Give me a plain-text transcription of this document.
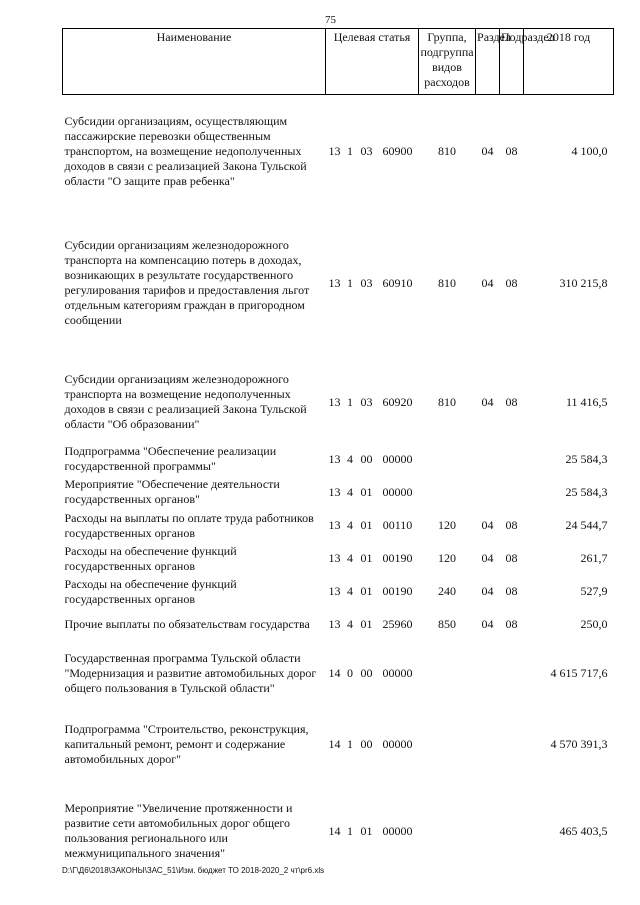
75
Наименование	Целевая статья				Группа, подгруппа видов расходов	Раздел	Подраздел	2018 год

Субсидии организациям, осуществляющим пассажирские перевозки общественным транспортом, на возмещение недополученных доходов в связи с реализацией Закона Тульской области "О защите прав ребенка"	13	1	03	60900	810	04	08	4 100,0

Субсидии организациям железнодорожного транспорта на компенсацию потерь в доходах, возникающих в результате государственного регулирования тарифов и предоставления льгот отдельным категориям граждан в пригородном сообщении	13	1	03	60910	810	04	08	310 215,8

Субсидии организациям железнодорожного транспорта на возмещение недополученных доходов в связи с реализацией Закона Тульской области "Об образовании"	13	1	03	60920	810	04	08	11 416,5

Подпрограмма "Обеспечение реализации государственной программы"	13	4	00	00000				25 584,3
Мероприятие "Обеспечение деятельности государственных органов"	13	4	01	00000				25 584,3
Расходы на выплаты по оплате труда работников государственных органов	13	4	01	00110	120	04	08	24 544,7
Расходы на обеспечение функций государственных органов	13	4	01	00190	120	04	08	261,7
Расходы на обеспечение функций государственных органов	13	4	01	00190	240	04	08	527,9
Прочие выплаты по обязательствам государства	13	4	01	25960	850	04	08	250,0
Государственная программа Тульской области "Модернизация и развитие автомобильных дорог общего пользования в Тульской области"	14	0	00	00000				4 615 717,6

Подпрограмма "Строительство, реконструкция, капитальный ремонт, ремонт и содержание автомобильных дорог"	14	1	00	00000				4 570 391,3

Мероприятие "Увеличение протяженности и развитие сети автомобильных дорог общего пользования регионального или межмуниципального значения"	14	1	01	00000				465 403,5
D:\Г\Д6\2018\ЗАКОНЫ\ЗАС_51\Изм. бюджет ТО 2018-2020_2 чт\pr6.xls
